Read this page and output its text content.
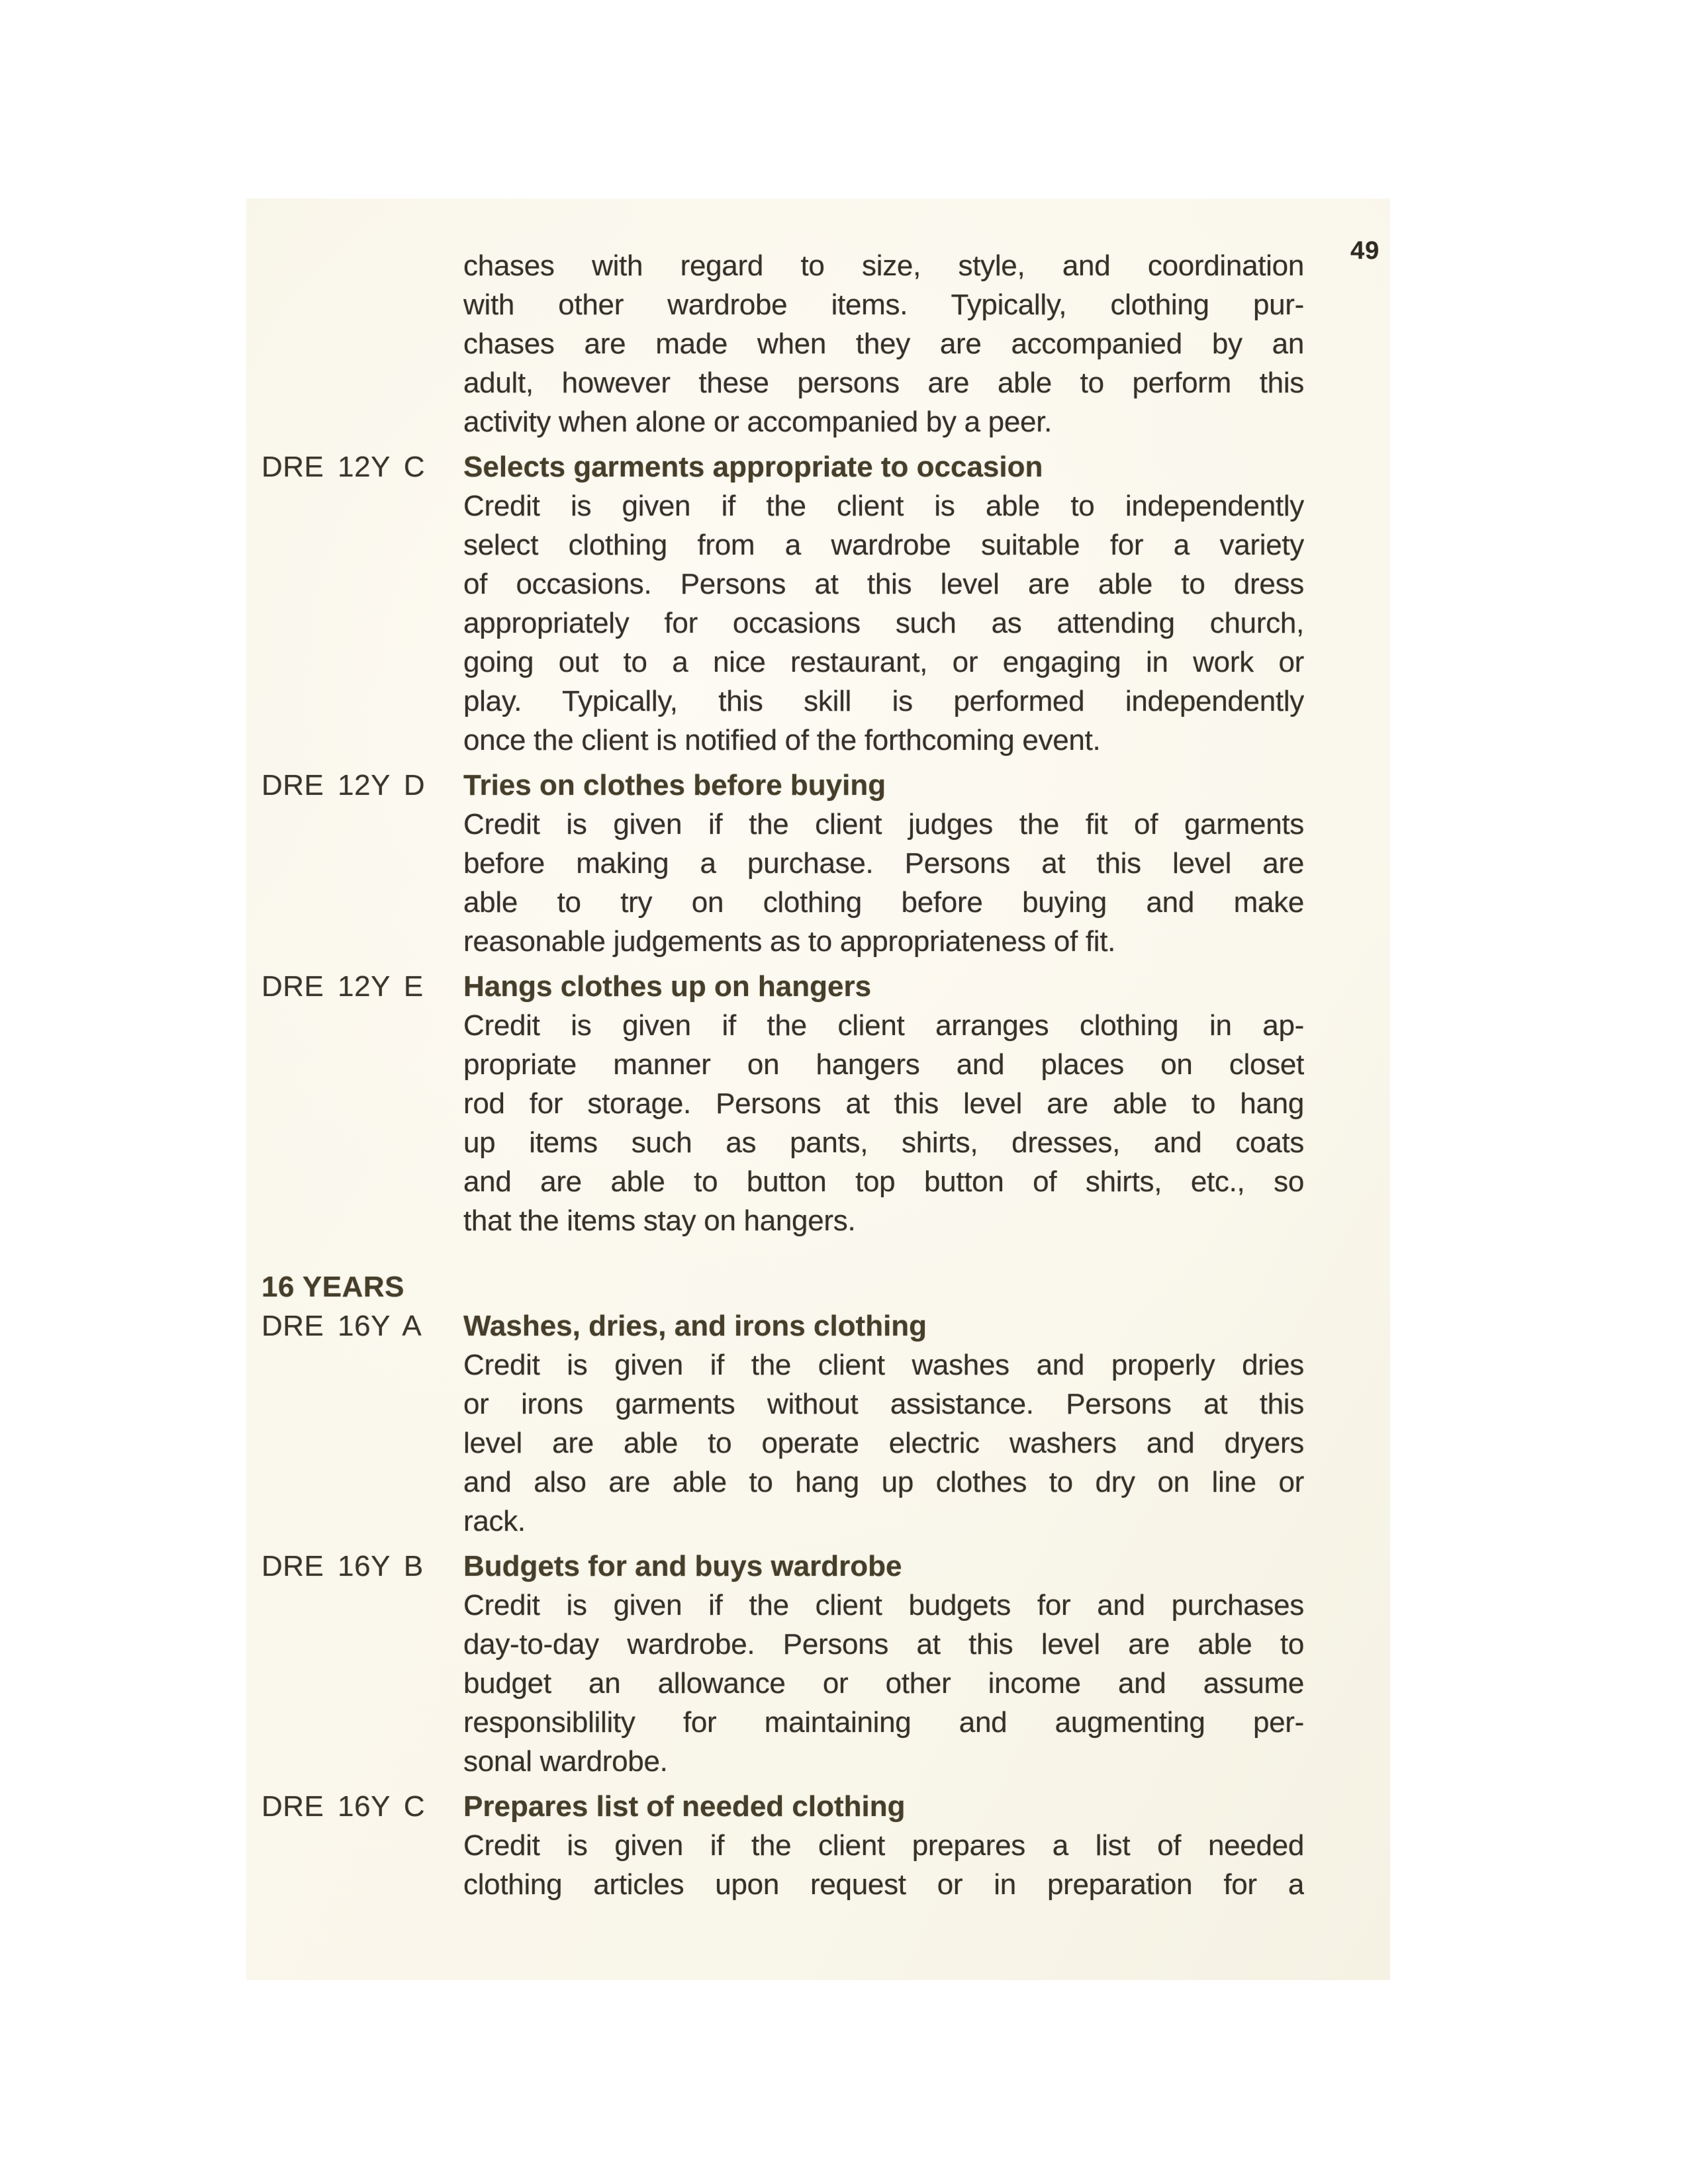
49
chases with regard to size, style, and coordination
with other wardrobe items. Typically, clothing pur-
chases are made when they are accompanied by an
adult, however these persons are able to perform this
activity when alone or accompanied by a peer.
DRE 12Y C	Selects garments appropriate to occasion
Credit is given if the client is able to independently
select clothing from a wardrobe suitable for a variety
of occasions. Persons at this level are able to dress
appropriately for occasions such as attending church,
going out to a nice restaurant, or engaging in work or
play. Typically, this skill is performed independently
once the client is notified of the forthcoming event.
DRE 12Y D	Tries on clothes before buying
Credit is given if the client judges the fit of garments
before making a purchase. Persons at this level are
able to try on clothing before buying and make
reasonable judgements as to appropriateness of fit.
DRE 12Y E	Hangs clothes up on hangers
Credit is given if the client arranges clothing in ap-
propriate manner on hangers and places on closet
rod for storage. Persons at this level are able to hang
up items such as pants, shirts, dresses, and coats
and are able to button top button of shirts, etc., so
that the items stay on hangers.
16 YEARS
DRE 16Y A	Washes, dries, and irons clothing
Credit is given if the client washes and properly dries
or irons garments without assistance. Persons at this
level are able to operate electric washers and dryers
and also are able to hang up clothes to dry on line or
rack.
DRE 16Y B	Budgets for and buys wardrobe
Credit is given if the client budgets for and purchases
day-to-day wardrobe. Persons at this level are able to
budget an allowance or other income and assume
responsiblility for maintaining and augmenting per-
sonal wardrobe.
DRE 16Y C	Prepares list of needed clothing
Credit is given if the client prepares a list of needed
clothing articles upon request or in preparation for a
